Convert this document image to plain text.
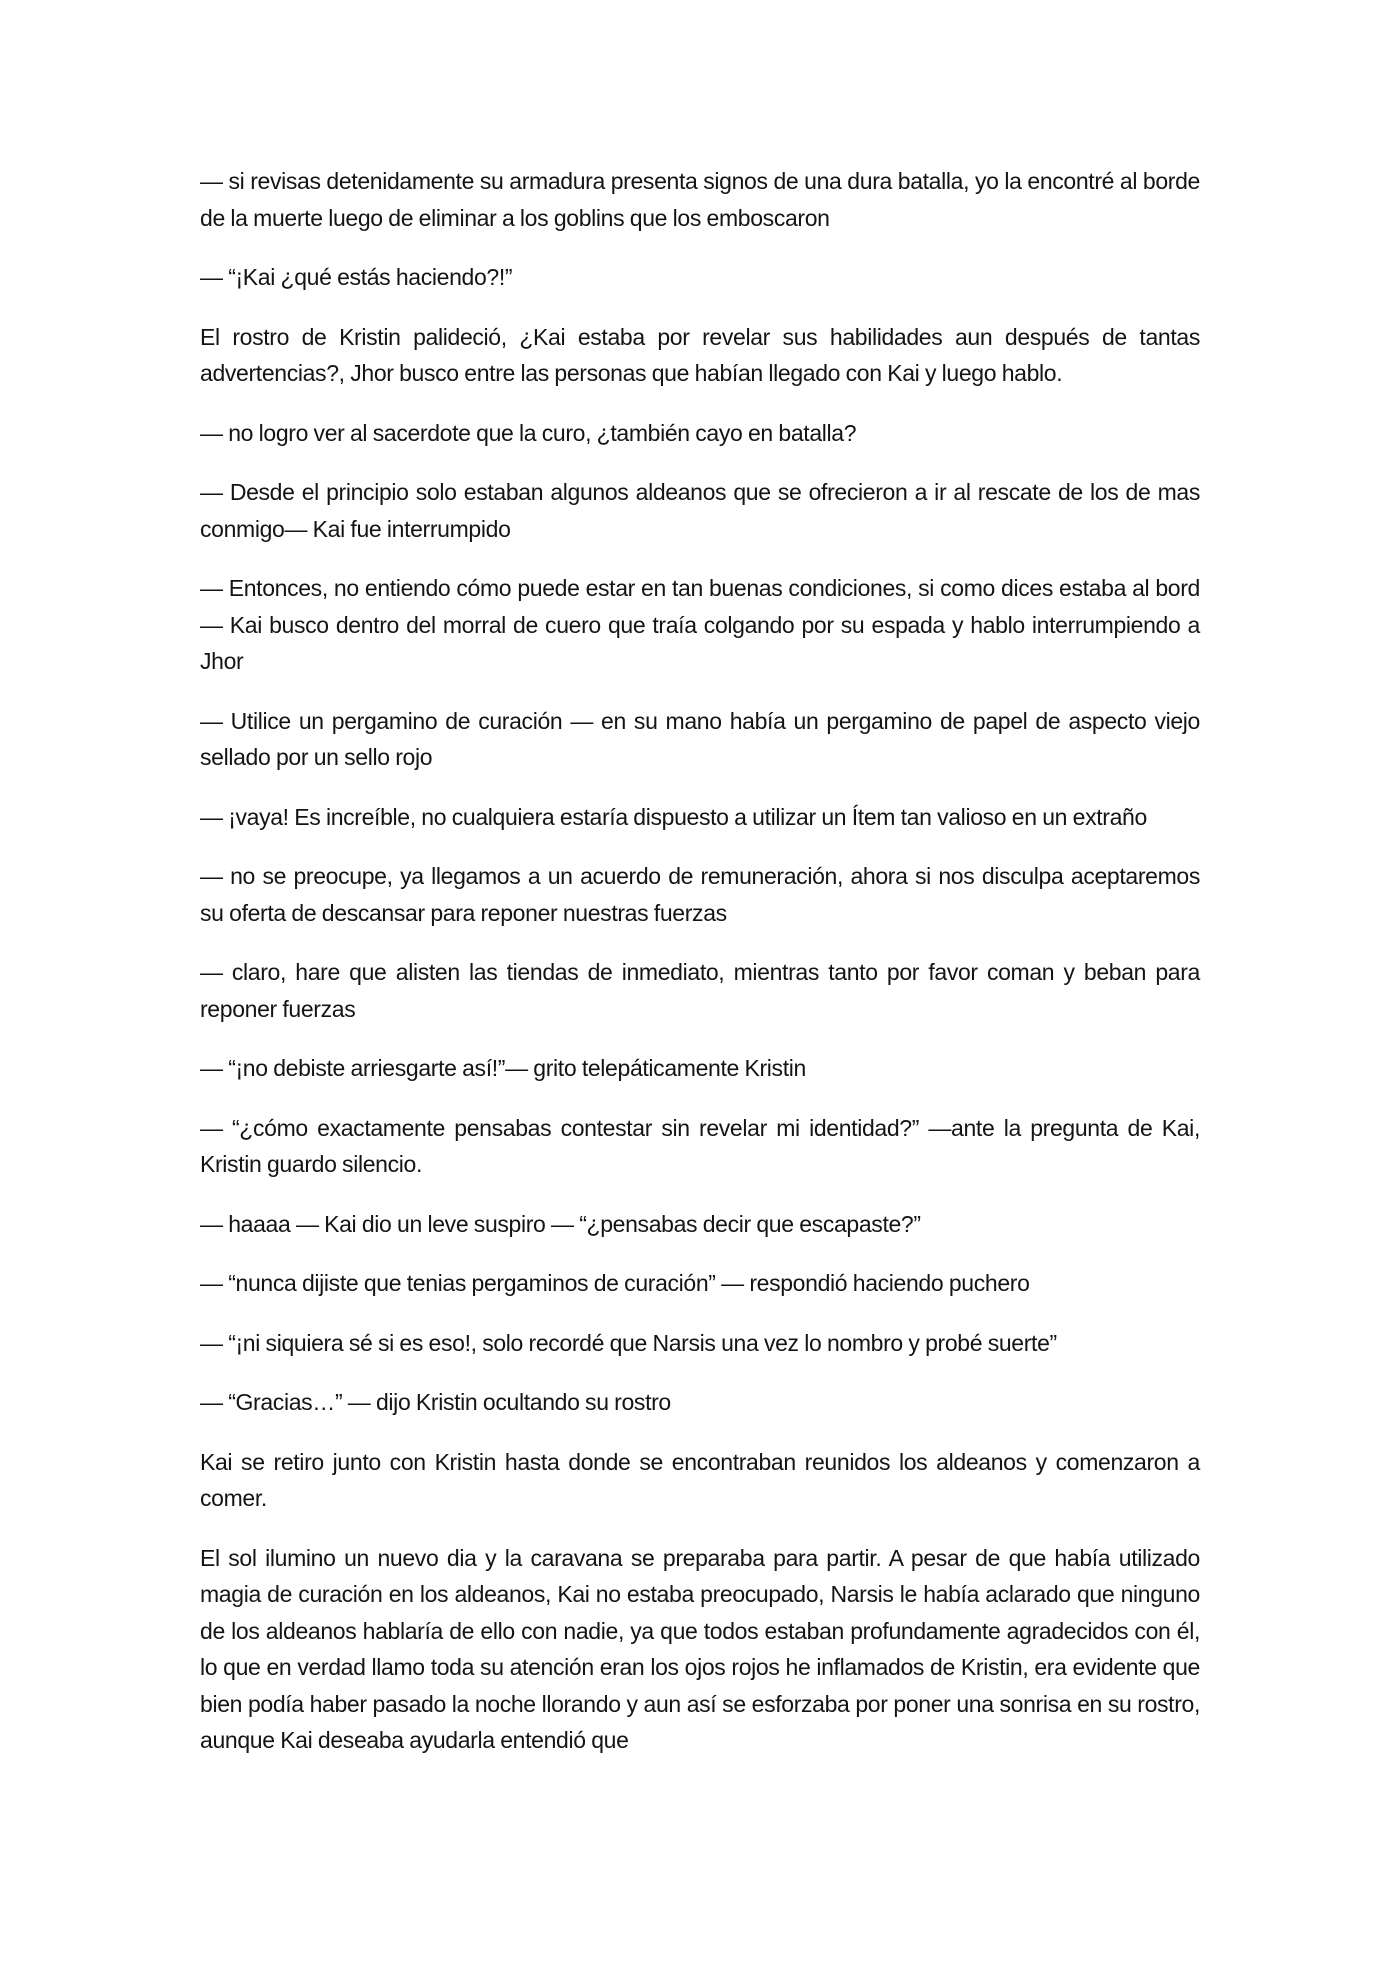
— si revisas detenidamente su armadura presenta signos de una dura batalla, yo la encontré al borde de la muerte luego de eliminar a los goblins que los emboscaron

— “¡Kai ¿qué estás haciendo?!”

El rostro de Kristin palideció, ¿Kai estaba por revelar sus habilidades aun después de tantas advertencias?, Jhor busco entre las personas que habían llegado con Kai y luego hablo.

— no logro ver al sacerdote que la curo, ¿también cayo en batalla?

— Desde el principio solo estaban algunos aldeanos que se ofrecieron a ir al rescate de los de mas conmigo— Kai fue interrumpido

— Entonces, no entiendo cómo puede estar en tan buenas condiciones, si como dices estaba al bord— Kai busco dentro del morral de cuero que traía colgando por su espada y hablo interrumpiendo a Jhor

— Utilice un pergamino de curación — en su mano había un pergamino de papel de aspecto viejo sellado por un sello rojo

— ¡vaya! Es increíble, no cualquiera estaría dispuesto a utilizar un Ítem tan valioso en un extraño

— no se preocupe, ya llegamos a un acuerdo de remuneración, ahora si nos disculpa aceptaremos su oferta de descansar para reponer nuestras fuerzas

— claro, hare que alisten las tiendas de inmediato, mientras tanto por favor coman y beban para reponer fuerzas

— “¡no debiste arriesgarte así!”— grito telepáticamente Kristin

— “¿cómo exactamente pensabas contestar sin revelar mi identidad?” —ante la pregunta de Kai, Kristin guardo silencio.

— haaaa — Kai dio un leve suspiro — “¿pensabas decir que escapaste?”

— “nunca dijiste que tenias pergaminos de curación” — respondió haciendo puchero

— “¡ni siquiera sé si es eso!, solo recordé que Narsis una vez lo nombro y probé suerte”

— “Gracias…” — dijo Kristin ocultando su rostro

Kai se retiro junto con Kristin hasta donde se encontraban reunidos los aldeanos y comenzaron a comer.

El sol ilumino un nuevo dia y la caravana se preparaba para partir. A pesar de que había utilizado magia de curación en los aldeanos, Kai no estaba preocupado, Narsis le había aclarado que ninguno de los aldeanos hablaría de ello con nadie, ya que todos estaban profundamente agradecidos con él, lo que en verdad llamo toda su atención eran los ojos rojos he inflamados de Kristin, era evidente que bien podía haber pasado la noche llorando y aun así se esforzaba por poner una sonrisa en su rostro, aunque Kai deseaba ayudarla entendió que
